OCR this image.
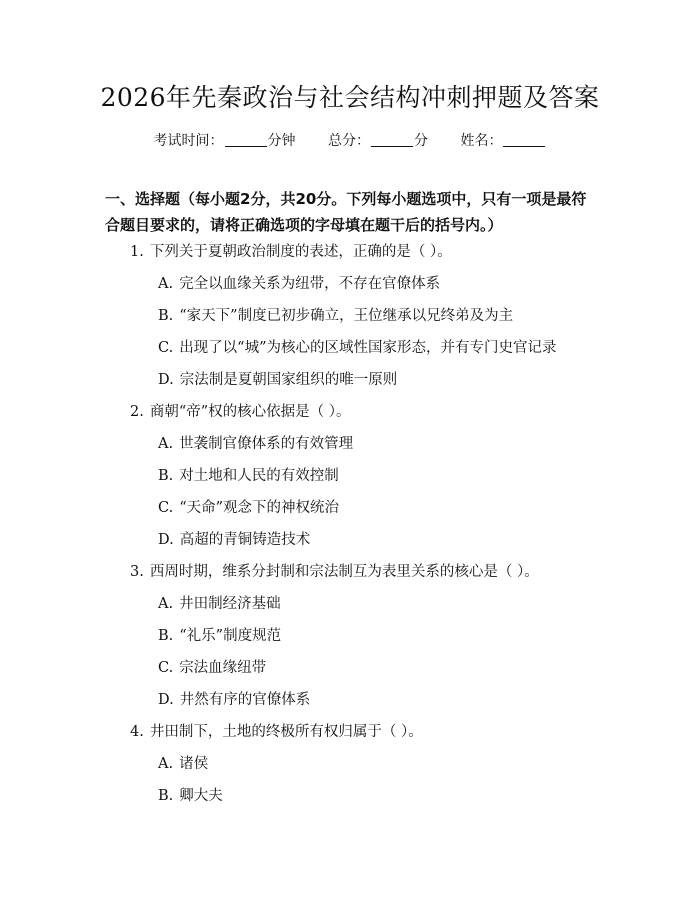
2026年先秦政治与社会结构冲刺押题及答案
考试时间：	分钟 总分：	分 姓名：
一、选择题（每小题2分，共20分。下列每小题选项中，只有一项是最符合题目要求的，请将正确选项的字母填在题干后的括号内。）
1. 下列关于夏朝政治制度的表述，正确的是（ ）。
A. 完全以血缘关系为纽带，不存在官僚体系
B. “家天下”制度已初步确立，王位继承以兄终弟及为主
C. 出现了以“城”为核心的区域性国家形态，并有专门史官记录
D. 宗法制是夏朝国家组织的唯一原则
2. 商朝“帝”权的核心依据是（ ）。
A. 世袭制官僚体系的有效管理
B. 对土地和人民的有效控制
C. “天命”观念下的神权统治
D. 高超的青铜铸造技术
3. 西周时期，维系分封制和宗法制互为表里关系的核心是（ ）。
A. 井田制经济基础
B. “礼乐”制度规范
C. 宗法血缘纽带
D. 井然有序的官僚体系
4. 井田制下，土地的终极所有权归属于（ ）。
A. 诸侯
B. 卿大夫
